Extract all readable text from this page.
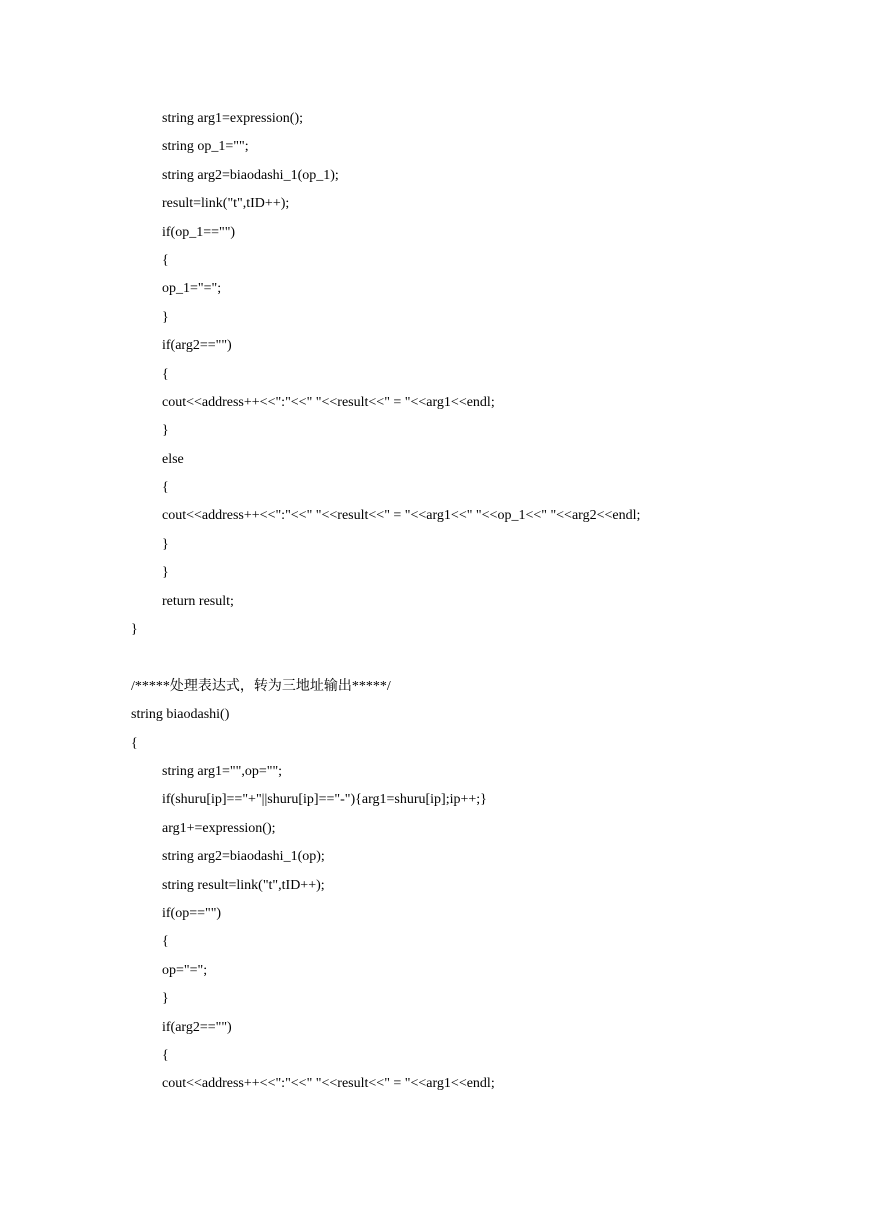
string arg1=expression();
string op_1="";
string arg2=biaodashi_1(op_1);
result=link("t",tID++);
if(op_1=="")
{
op_1="=";
}
if(arg2=="")
{
cout<<address++<<":"<<" "<<result<<" = "<<arg1<<endl;
}
else
{
cout<<address++<<":"<<" "<<result<<" = "<<arg1<<" "<<op_1<<" "<<arg2<<endl;
}
}
return result;
}
/*****处理表达式，转为三地址输出*****/
string biaodashi()
{
string arg1="",op="";
if(shuru[ip]=="+"||shuru[ip]=="-"){arg1=shuru[ip];ip++;}
arg1+=expression();
string arg2=biaodashi_1(op);
string result=link("t",tID++);
if(op=="")
{
op="=";
}
if(arg2=="")
{
cout<<address++<<":"<<" "<<result<<" = "<<arg1<<endl;
